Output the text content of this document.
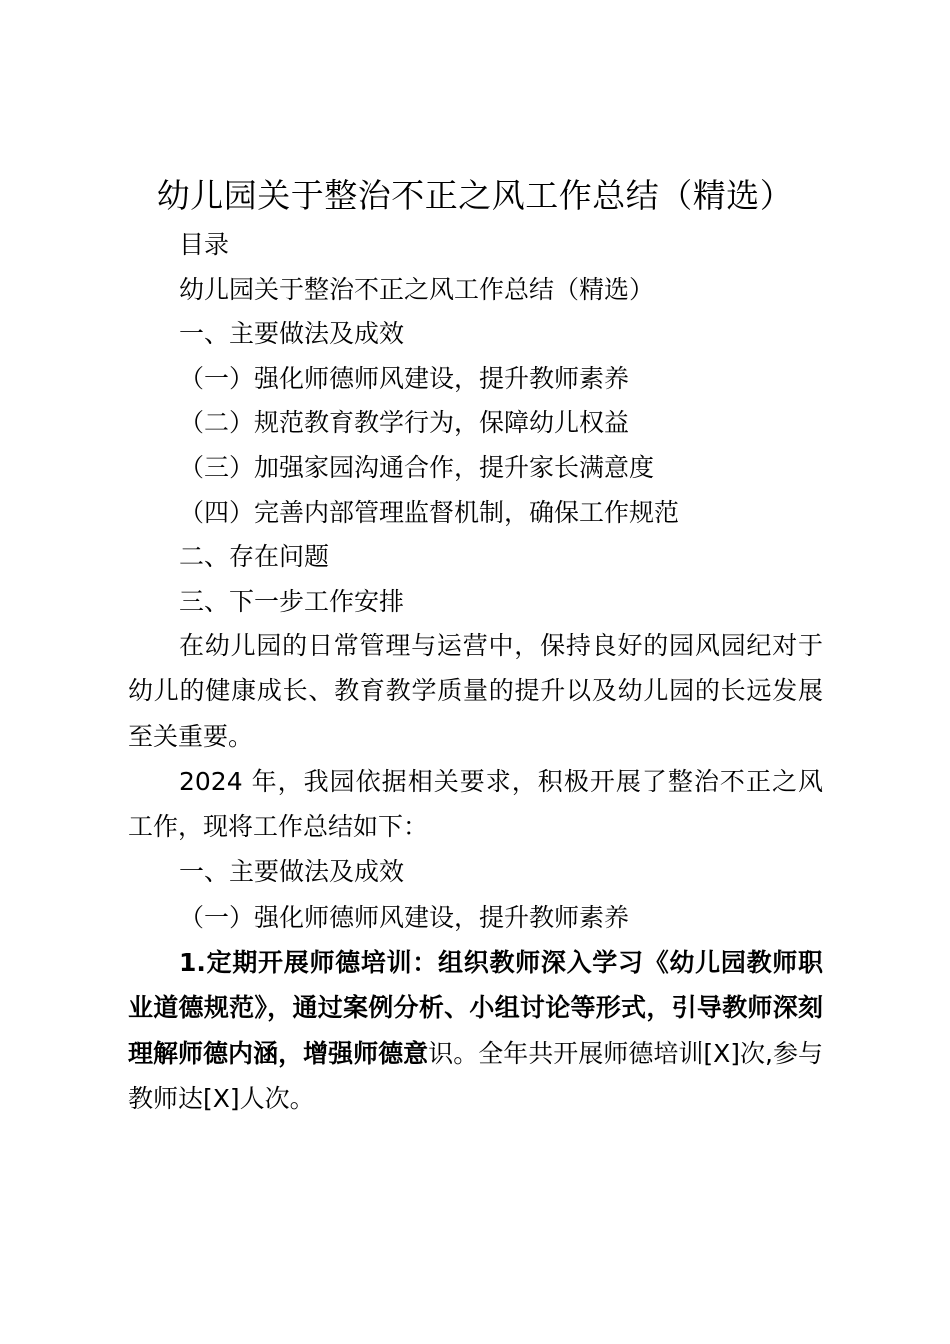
幼儿园关于整治不正之风工作总结（精选）
目录
幼儿园关于整治不正之风工作总结（精选）
一、主要做法及成效
（一）强化师德师风建设，提升教师素养
（二）规范教育教学行为，保障幼儿权益
（三）加强家园沟通合作，提升家长满意度
（四）完善内部管理监督机制，确保工作规范
二、存在问题
三、下一步工作安排

在幼儿园的日常管理与运营中，保持良好的园风园纪对于幼儿的健康成长、教育教学质量的提升以及幼儿园的长远发展至关重要。

2024 年，我园依据相关要求，积极开展了整治不正之风工作，现将工作总结如下：

一、主要做法及成效
（一）强化师德师风建设，提升教师素养

1.定期开展师德培训：组织教师深入学习《幼儿园教师职业道德规范》，通过案例分析、小组讨论等形式，引导教师深刻理解师德内涵，增强师德意识。全年共开展师德培训[X]次,参与教师达[X]人次。
